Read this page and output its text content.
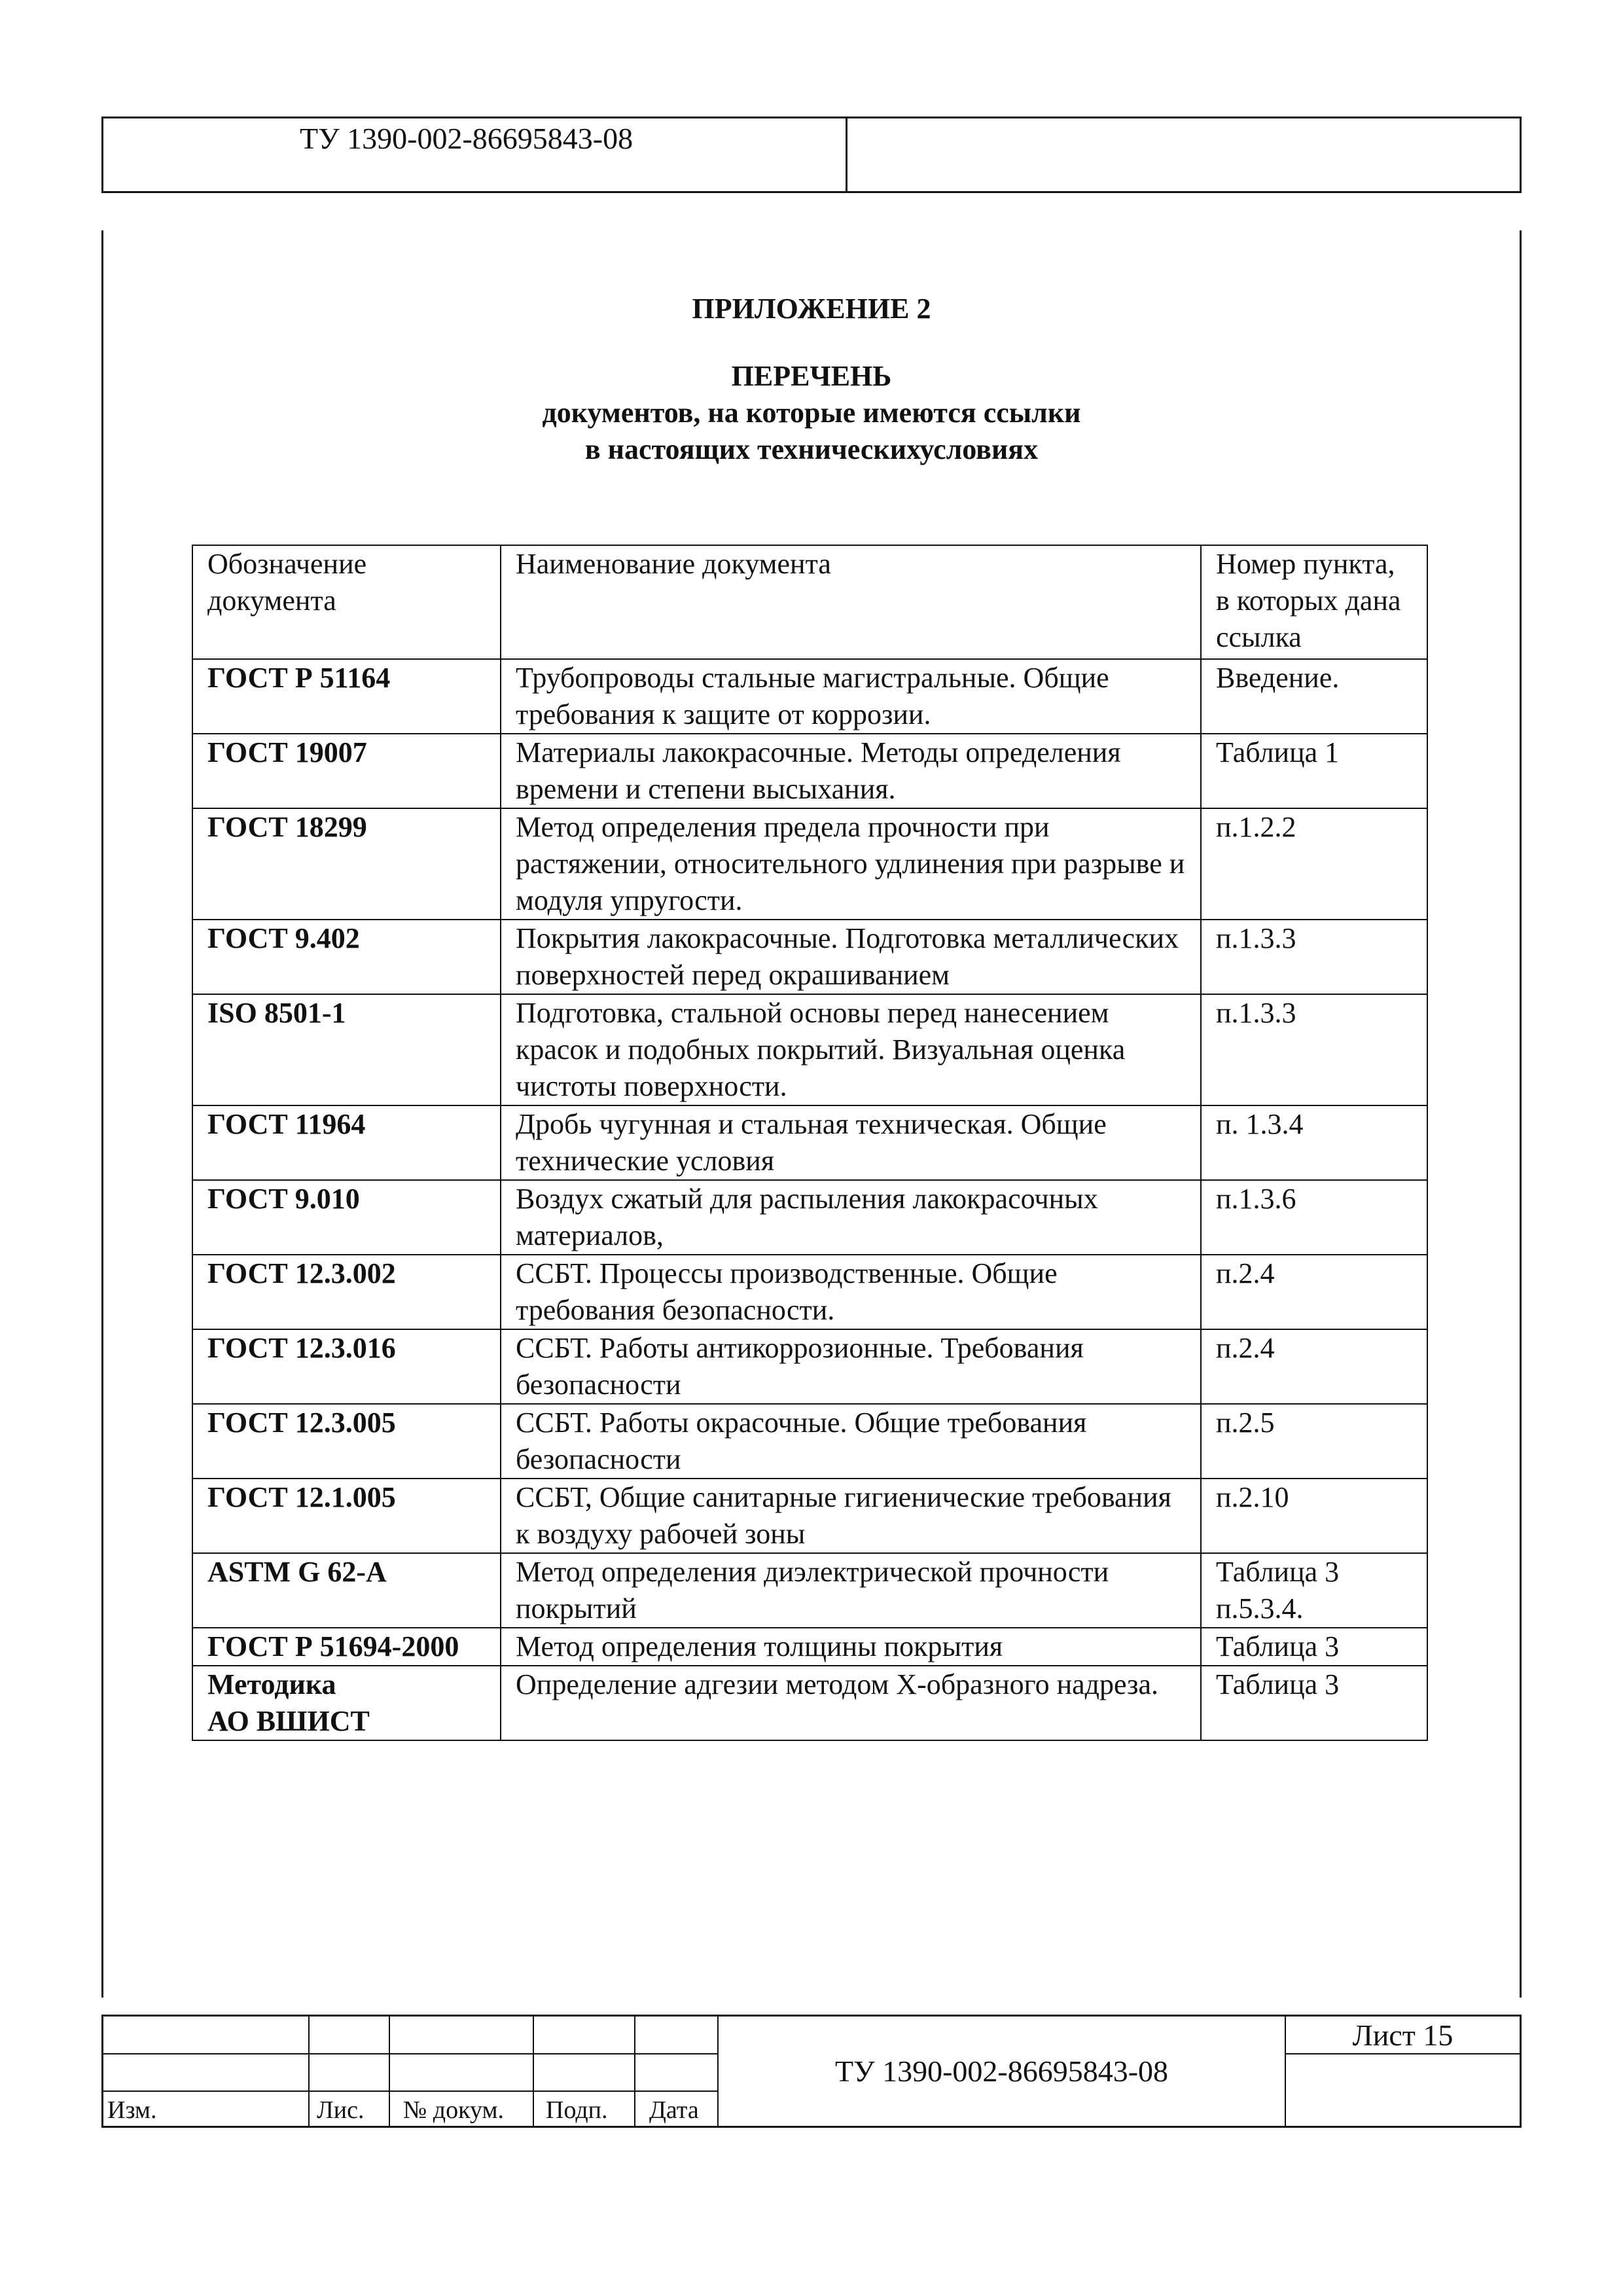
ТУ 1390-002-86695843-08
ПРИЛОЖЕНИЕ 2
ПЕРЕЧЕНЬ
документов, на которые имеются ссылки
в настоящих техническихусловиях
Обозначение документа	Наименование документа	Номер пункта, в которых дана ссылка

ГОСТ Р 51164	Трубопроводы стальные магистральные. Общие требования к защите от коррозии.	Введение.

ГОСТ 19007	Материалы лакокрасочные. Методы определения времени и степени высыхания.	Таблица 1

ГОСТ 18299	Метод определения предела прочности при растяжении, относительного удлинения при разрыве и модуля упругости.	п.1.2.2

ГОСТ 9.402	Покрытия лакокрасочные. Подготовка металлических поверхностей перед окрашиванием	п.1.3.3

ISO 8501-1	Подготовка, стальной основы перед нанесением красок и подобных покрытий. Визуальная оценка чистоты поверхности.	п.1.3.3

ГОСТ 11964	Дробь чугунная и стальная техническая. Общие технические условия	п. 1.3.4

ГОСТ 9.010	Воздух сжатый для распыления лакокрасочных материалов,	п.1.3.6

ГОСТ 12.3.002	ССБТ. Процессы производственные. Общие требования безопасности.	п.2.4

ГОСТ 12.3.016	ССБТ. Работы антикоррозионные. Требования безопасности	п.2.4

ГОСТ 12.3.005	ССБТ. Работы окрасочные. Общие требования безопасности	п.2.5

ГОСТ 12.1.005	ССБТ, Общие санитарные гигиенические требования к воздуху рабочей зоны	п.2.10

ASTM G 62-A	Метод определения диэлектрической прочности покрытий	Таблица 3 п.5.3.4.

ГОСТ Р 51694-2000	Метод определения толщины покрытия	Таблица 3

Методика
АО ВШИСТ	Определение адгезии методом Х-образного надреза.	Таблица 3
Изм.	Лис. № докум. Подп. Дата
ТУ 1390-002-86695843-08
Лист 15
